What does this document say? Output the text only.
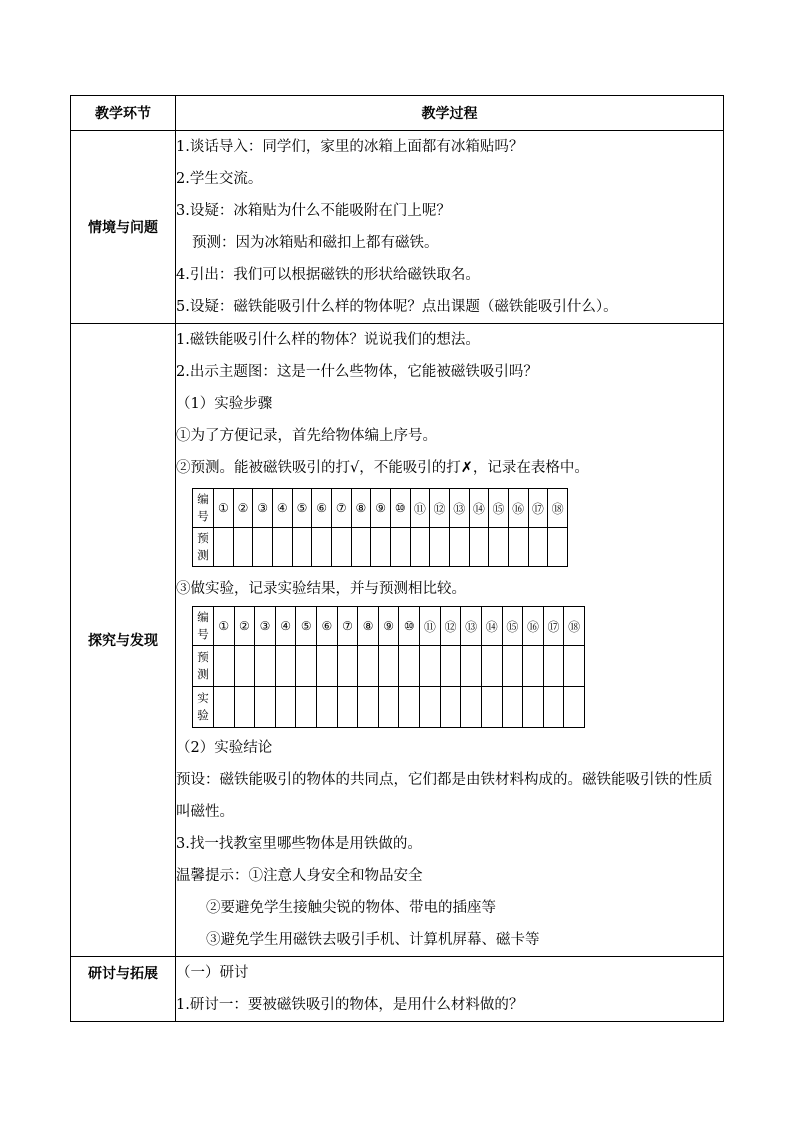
教学环节	教学过程
情境与问题	
1.谈话导入：同学们，家里的冰箱上面都有冰箱贴吗？
2.学生交流。
3.设疑：冰箱贴为什么不能吸附在门上呢？
预测：因为冰箱贴和磁扣上都有磁铁。
4.引出：我们可以根据磁铁的形状给磁铁取名。
5.设疑：磁铁能吸引什么样的物体呢？点出课题（磁铁能吸引什么）。

探究与发现	
1.磁铁能吸引什么样的物体？说说我们的想法。
2.出示主题图：这是一什么些物体，它能被磁铁吸引吗？
（1）实验步骤
①为了方便记录，首先给物体编上序号。
②预测。能被磁铁吸引的打√，不能吸引的打✗，记录在表格中。
编号	①	②	③	④	⑤	⑥	⑦	⑧	⑨	⑩	⑪	⑫	⑬	⑭	⑮	⑯	⑰	⑱
预测																		
③做实验，记录实验结果，并与预测相比较。
编号	①	②	③	④	⑤	⑥	⑦	⑧	⑨	⑩	⑪	⑫	⑬	⑭	⑮	⑯	⑰	⑱
预测																		
实验																		
（2）实验结论
预设：磁铁能吸引的物体的共同点，它们都是由铁材料构成的。磁铁能吸引铁的性质叫磁性。
3.找一找教室里哪些物体是用铁做的。
温馨提示：①注意人身安全和物品安全
②要避免学生接触尖锐的物体、带电的插座等
③避免学生用磁铁去吸引手机、计算机屏幕、磁卡等

研讨与拓展	（一）研讨
1.研讨一：要被磁铁吸引的物体，是用什么材料做的？
